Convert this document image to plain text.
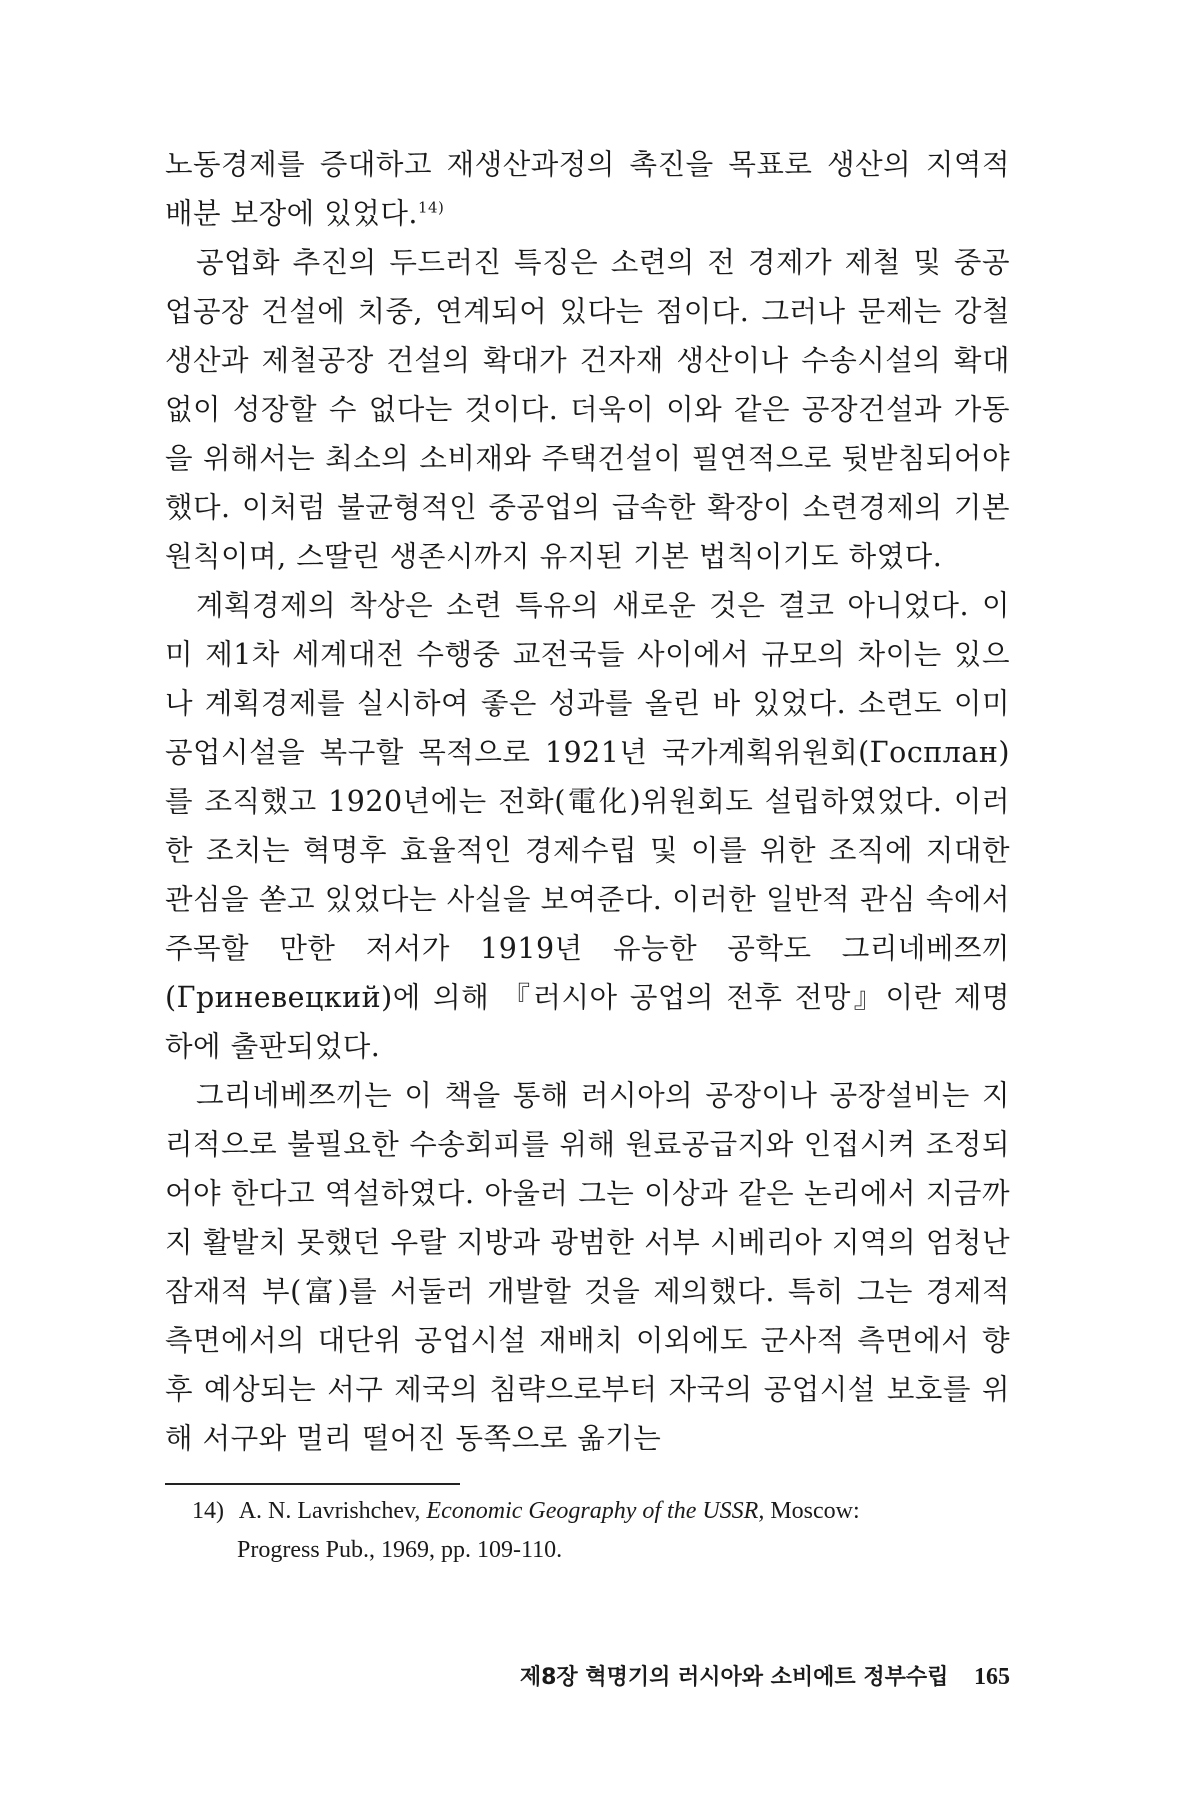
노동경제를 증대하고 재생산과정의 촉진을 목표로 생산의 지역적 배분 보장에 있었다.$^{14)}$

공업화 추진의 두드러진 특징은 소련의 전 경제가 제철 및 중공업공장 건설에 치중, 연계되어 있다는 점이다. 그러나 문제는 강철생산과 제철공장 건설의 확대가 건자재 생산이나 수송시설의 확대 없이 성장할 수 없다는 것이다. 더욱이 이와 같은 공장건설과 가동을 위해서는 최소의 소비재와 주택건설이 필연적으로 뒷받침되어야 했다. 이처럼 불균형적인 중공업의 급속한 확장이 소련경제의 기본 원칙이며, 스딸린 생존시까지 유지된 기본 법칙이기도 하였다.

계획경제의 착상은 소련 특유의 새로운 것은 결코 아니었다. 이미 제1차 세계대전 수행중 교전국들 사이에서 규모의 차이는 있으나 계획경제를 실시하여 좋은 성과를 올린 바 있었다. 소련도 이미 공업시설을 복구할 목적으로 1921년 국가계획위원회(Госплан)를 조직했고 1920년에는 전화(電化)위원회도 설립하였었다. 이러한 조치는 혁명후 효율적인 경제수립 및 이를 위한 조직에 지대한 관심을 쏟고 있었다는 사실을 보여준다. 이러한 일반적 관심 속에서 주목할 만한 저서가 1919년 유능한 공학도 그리네베쯔끼(Гриневецкий)에 의해 『러시아 공업의 전후 전망』이란 제명하에 출판되었다.

그리네베쯔끼는 이 책을 통해 러시아의 공장이나 공장설비는 지리적으로 불필요한 수송회피를 위해 원료공급지와 인접시켜 조정되어야 한다고 역설하였다. 아울러 그는 이상과 같은 논리에서 지금까지 활발치 못했던 우랄 지방과 광범한 서부 시베리아 지역의 엄청난 잠재적 부(富)를 서둘러 개발할 것을 제의했다. 특히 그는 경제적 측면에서의 대단위 공업시설 재배치 이외에도 군사적 측면에서 향후 예상되는 서구 제국의 침략으로부터 자국의 공업시설 보호를 위해 서구와 멀리 떨어진 동쪽으로 옮기는

14) A. N. Lavrishchev, Economic Geography of the USSR, Moscow:
Progress Pub., 1969, pp. 109-110.
제8장 혁명기의 러시아와 소비에트 정부수립 165
